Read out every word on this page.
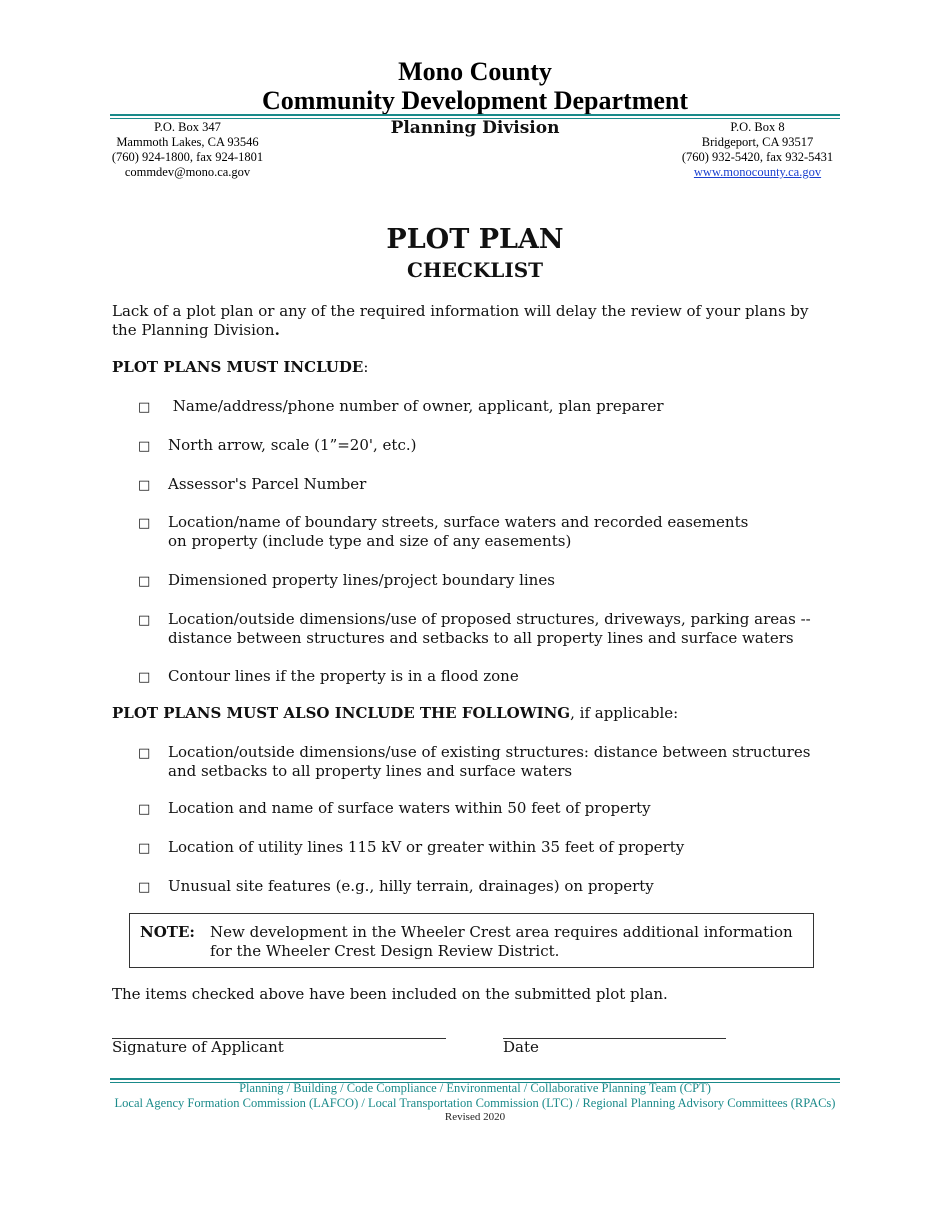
Mono County
Community Development Department
Planning Division
P.O. Box 347
Mammoth Lakes, CA 93546
(760) 924-1800, fax 924-1801
commdev@mono.ca.gov
P.O. Box 8
Bridgeport, CA 93517
(760) 932-5420, fax 932-5431
www.monocounty.ca.gov
PLOT PLAN
CHECKLIST
Lack of a plot plan or any of the required information will delay the review of your plans by the Planning Division.
PLOT PLANS MUST INCLUDE:
□ Name/address/phone number of owner, applicant, plan preparer
□ North arrow, scale (1”=20', etc.)
□ Assessor's Parcel Number
□ Location/name of boundary streets, surface waters and recorded easements on property (include type and size of any easements)
□ Dimensioned property lines/project boundary lines
□ Location/outside dimensions/use of proposed structures, driveways, parking areas -- distance between structures and setbacks to all property lines and surface waters
□ Contour lines if the property is in a flood zone
PLOT PLANS MUST ALSO INCLUDE THE FOLLOWING, if applicable:
□ Location/outside dimensions/use of existing structures: distance between structures and setbacks to all property lines and surface waters
□ Location and name of surface waters within 50 feet of property
□ Location of utility lines 115 kV or greater within 35 feet of property
□ Unusual site features (e.g., hilly terrain, drainages) on property
NOTE: New development in the Wheeler Crest area requires additional information for the Wheeler Crest Design Review District.
The items checked above have been included on the submitted plot plan.
Signature of Applicant	Date
Planning / Building / Code Compliance / Environmental / Collaborative Planning Team (CPT)
Local Agency Formation Commission (LAFCO) / Local Transportation Commission (LTC) / Regional Planning Advisory Committees (RPACs)
Revised 2020
